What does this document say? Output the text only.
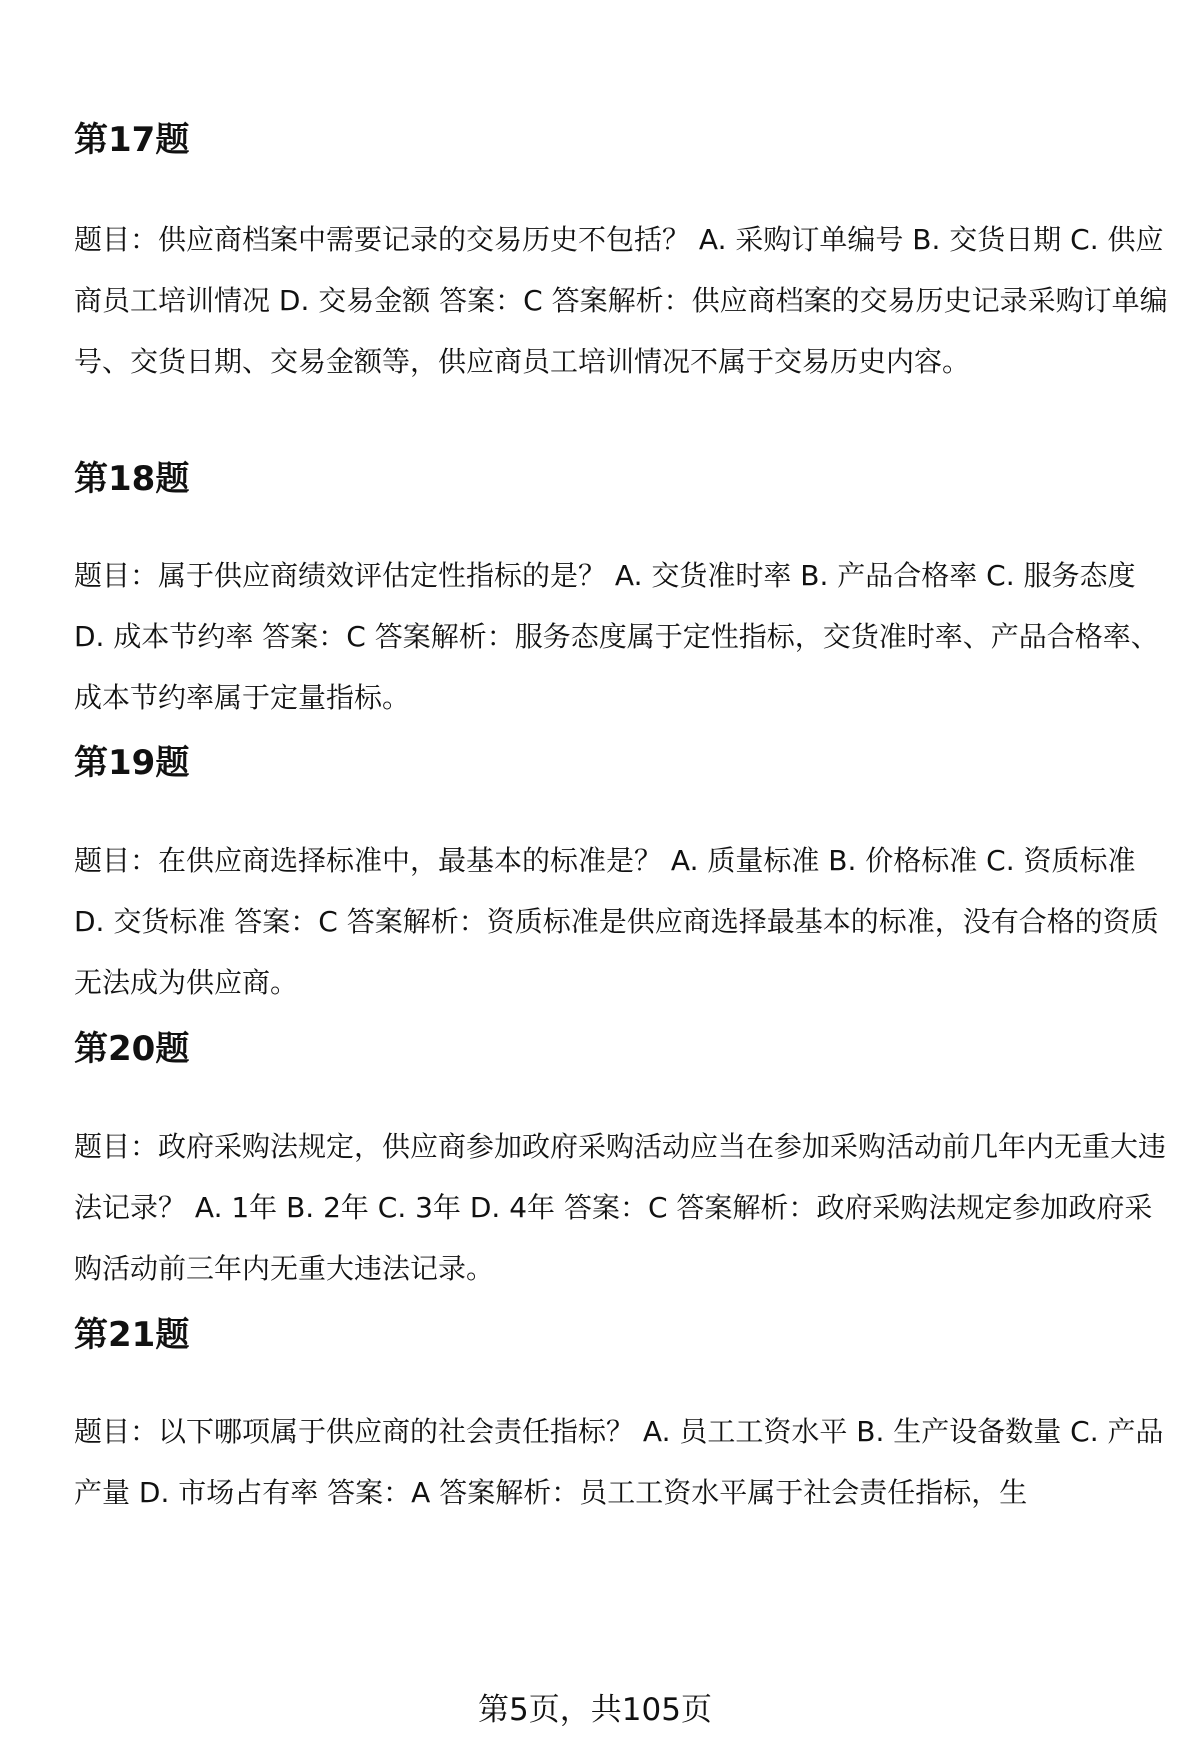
第17题

题目：供应商档案中需要记录的交易历史不包括？ A. 采购订单编号 B. 交货日期 C. 供应商员工培训情况 D. 交易金额 答案：C 答案解析：供应商档案的交易历史记录采购订单编号、交货日期、交易金额等，供应商员工培训情况不属于交易历史内容。

第18题

题目：属于供应商绩效评估定性指标的是？ A. 交货准时率 B. 产品合格率 C. 服务态度 D. 成本节约率 答案：C 答案解析：服务态度属于定性指标，交货准时率、产品合格率、成本节约率属于定量指标。

第19题

题目：在供应商选择标准中，最基本的标准是？ A. 质量标准 B. 价格标准 C. 资质标准 D. 交货标准 答案：C 答案解析：资质标准是供应商选择最基本的标准，没有合格的资质无法成为供应商。

第20题

题目：政府采购法规定，供应商参加政府采购活动应当在参加采购活动前几年内无重大违法记录？ A. 1年 B. 2年 C. 3年 D. 4年 答案：C 答案解析：政府采购法规定参加政府采购活动前三年内无重大违法记录。

第21题

题目：以下哪项属于供应商的社会责任指标？ A. 员工工资水平 B. 生产设备数量 C. 产品产量 D. 市场占有率 答案：A 答案解析：员工工资水平属于社会责任指标，生

第5页，共105页
